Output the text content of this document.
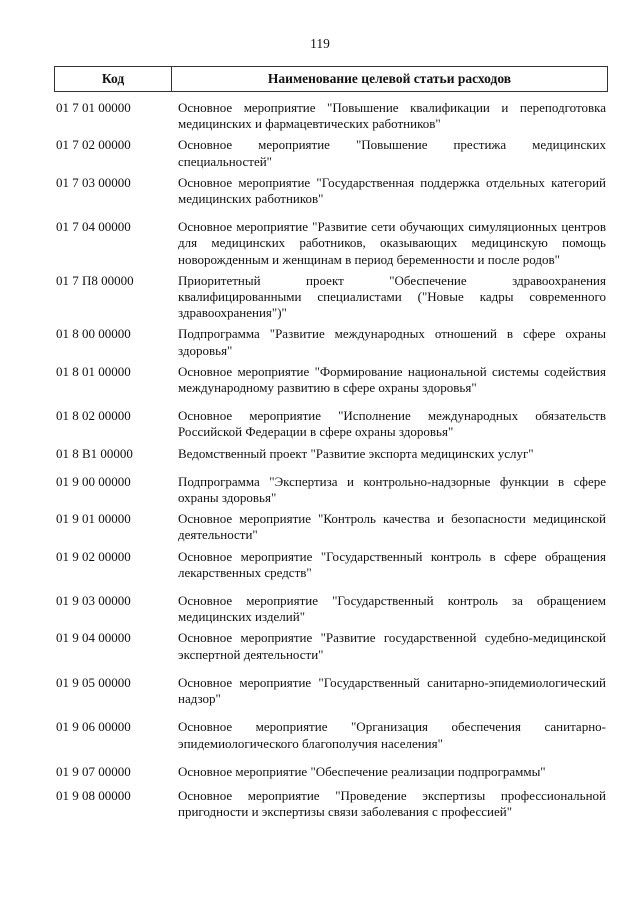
119
Код	Наименование целевой статьи расходов
01 7 01 00000	Основное мероприятие "Повышение квалификации и переподготовка медицинских и фармацевтических работников"
01 7 02 00000	Основное мероприятие "Повышение престижа медицинских специальностей"
01 7 03 00000	Основное мероприятие "Государственная поддержка отдельных категорий медицинских работников"
01 7 04 00000	Основное мероприятие "Развитие сети обучающих симуляционных центров для медицинских работников, оказывающих медицинскую помощь новорожденным и женщинам в период беременности и после родов"
01 7 П8 00000	Приоритетный проект "Обеспечение здравоохранения квалифицированными специалистами ("Новые кадры современного здравоохранения")"
01 8 00 00000	Подпрограмма "Развитие международных отношений в сфере охраны здоровья"
01 8 01 00000	Основное мероприятие "Формирование национальной системы содействия международному развитию в сфере охраны здоровья"
01 8 02 00000	Основное мероприятие "Исполнение международных обязательств Российской Федерации в сфере охраны здоровья"
01 8 В1 00000	Ведомственный проект "Развитие экспорта медицинских услуг"
01 9 00 00000	Подпрограмма "Экспертиза и контрольно-надзорные функции в сфере охраны здоровья"
01 9 01 00000	Основное мероприятие "Контроль качества и безопасности медицинской деятельности"
01 9 02 00000	Основное мероприятие "Государственный контроль в сфере обращения лекарственных средств"
01 9 03 00000	Основное мероприятие "Государственный контроль за обращением медицинских изделий"
01 9 04 00000	Основное мероприятие "Развитие государственной судебно-медицинской экспертной деятельности"
01 9 05 00000	Основное мероприятие "Государственный санитарно-эпидемиологический надзор"
01 9 06 00000	Основное мероприятие "Организация обеспечения санитарно-эпидемиологического благополучия населения"
01 9 07 00000	Основное мероприятие "Обеспечение реализации подпрограммы"
01 9 08 00000	Основное мероприятие "Проведение экспертизы профессиональной пригодности и экспертизы связи заболевания с профессией"
